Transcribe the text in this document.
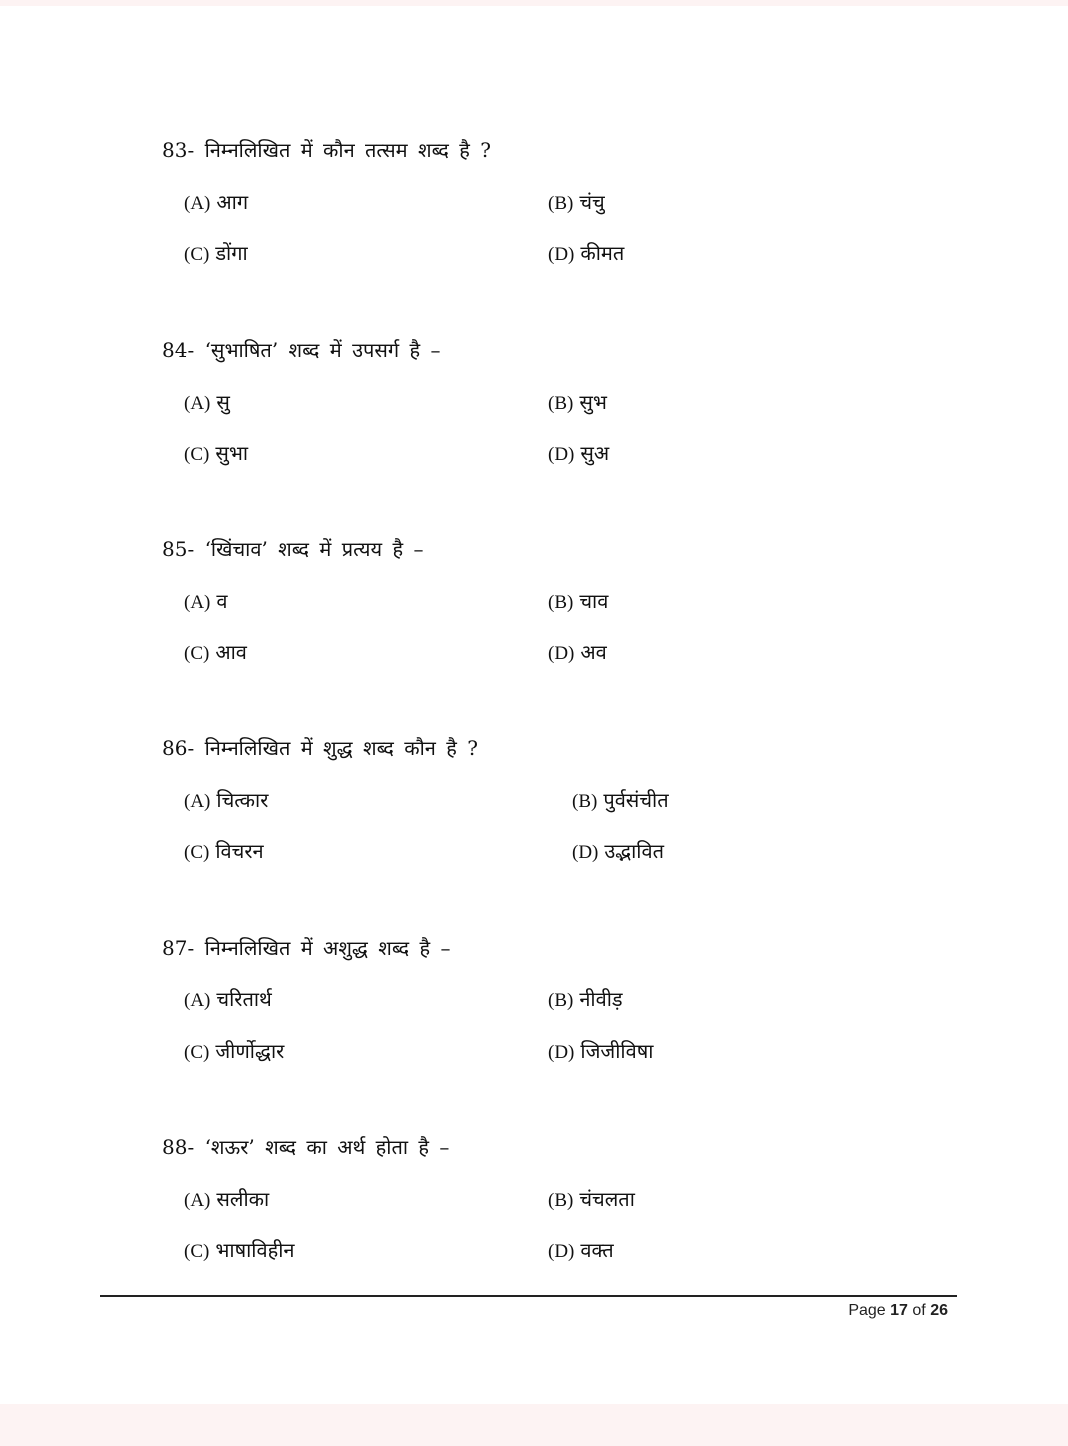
83- निम्नलिखित में कौन तत्सम शब्द है ?
(A) आग	(B) चंचु
(C) डोंगा	(D) कीमत
84- ‘सुभाषित’ शब्द में उपसर्ग है –
(A) सु	(B) सुभ
(C) सुभा	(D) सुअ
85- ‘खिंचाव’ शब्द में प्रत्यय है –
(A) व	(B) चाव
(C) आव	(D) अव
86- निम्नलिखित में शुद्ध शब्द कौन है ?
(A) चित्कार	(B) पुर्वसंचीत
(C) विचरन	(D) उद्भावित
87- निम्नलिखित में अशुद्ध शब्द है –
(A) चरितार्थ	(B) नीवीड़
(C) जीर्णोद्धार	(D) जिजीविषा
88- ‘शऊर’ शब्द का अर्थ होता है –
(A) सलीका	(B) चंचलता
(C) भाषाविहीन	(D) वक्त
Page 17 of 26
